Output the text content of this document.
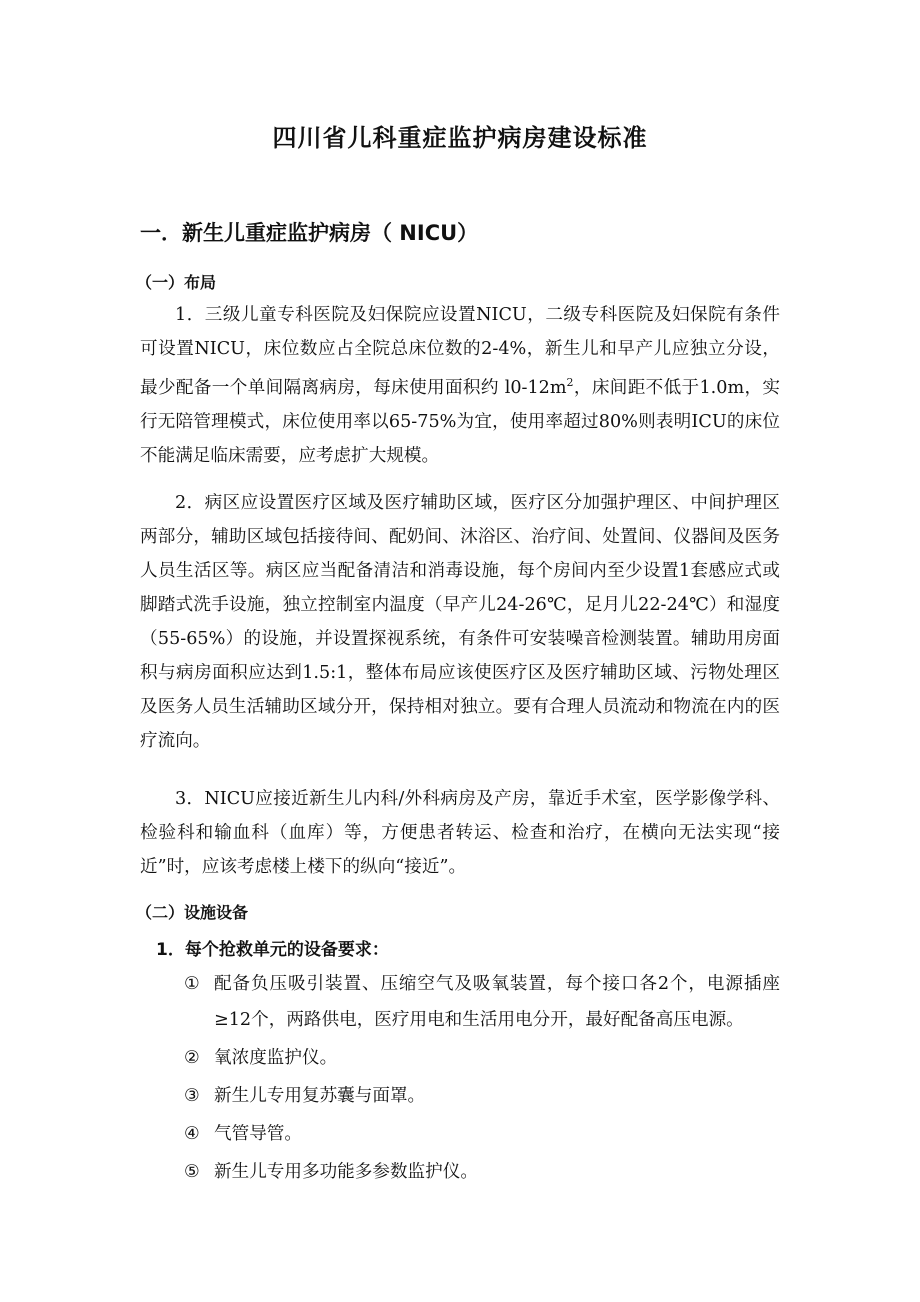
四川省儿科重症监护病房建设标准
一．新生儿重症监护病房（ NICU）
（一）布局

1．三级儿童专科医院及妇保院应设置NICU，二级专科医院及妇保院有条件可设置NICU，床位数应占全院总床位数的2-4%，新生儿和早产儿应独立分设，最少配备一个单间隔离病房，每床使用面积约 $l0-12m^2$，床间距不低于1.0m，实行无陪管理模式，床位使用率以65-75%为宜，使用率超过80%则表明ICU的床位不能满足临床需要，应考虑扩大规模。

2．病区应设置医疗区域及医疗辅助区域，医疗区分加强护理区、中间护理区两部分，辅助区域包括接待间、配奶间、沐浴区、治疗间、处置间、仪器间及医务人员生活区等。病区应当配备清洁和消毒设施，每个房间内至少设置1套感应式或脚踏式洗手设施，独立控制室内温度（早产儿24-26℃，足月儿22-24℃）和湿度（55-65%）的设施，并设置探视系统，有条件可安装噪音检测装置。辅助用房面积与病房面积应达到1.5:1，整体布局应该使医疗区及医疗辅助区域、污物处理区及医务人员生活辅助区域分开，保持相对独立。要有合理人员流动和物流在内的医疗流向。

3．NICU应接近新生儿内科/外科病房及产房，靠近手术室，医学影像学科、检验科和输血科（血库）等，方便患者转运、检查和治疗，在横向无法实现“接近”时，应该考虑楼上楼下的纵向“接近”。

（二）设施设备
1．每个抢救单元的设备要求：
① 配备负压吸引装置、压缩空气及吸氧装置，每个接口各2个，电源插座≥12个，两路供电，医疗用电和生活用电分开，最好配备高压电源。
② 氧浓度监护仪。
③ 新生儿专用复苏囊与面罩。
④ 气管导管。
⑤ 新生儿专用多功能多参数监护仪。
